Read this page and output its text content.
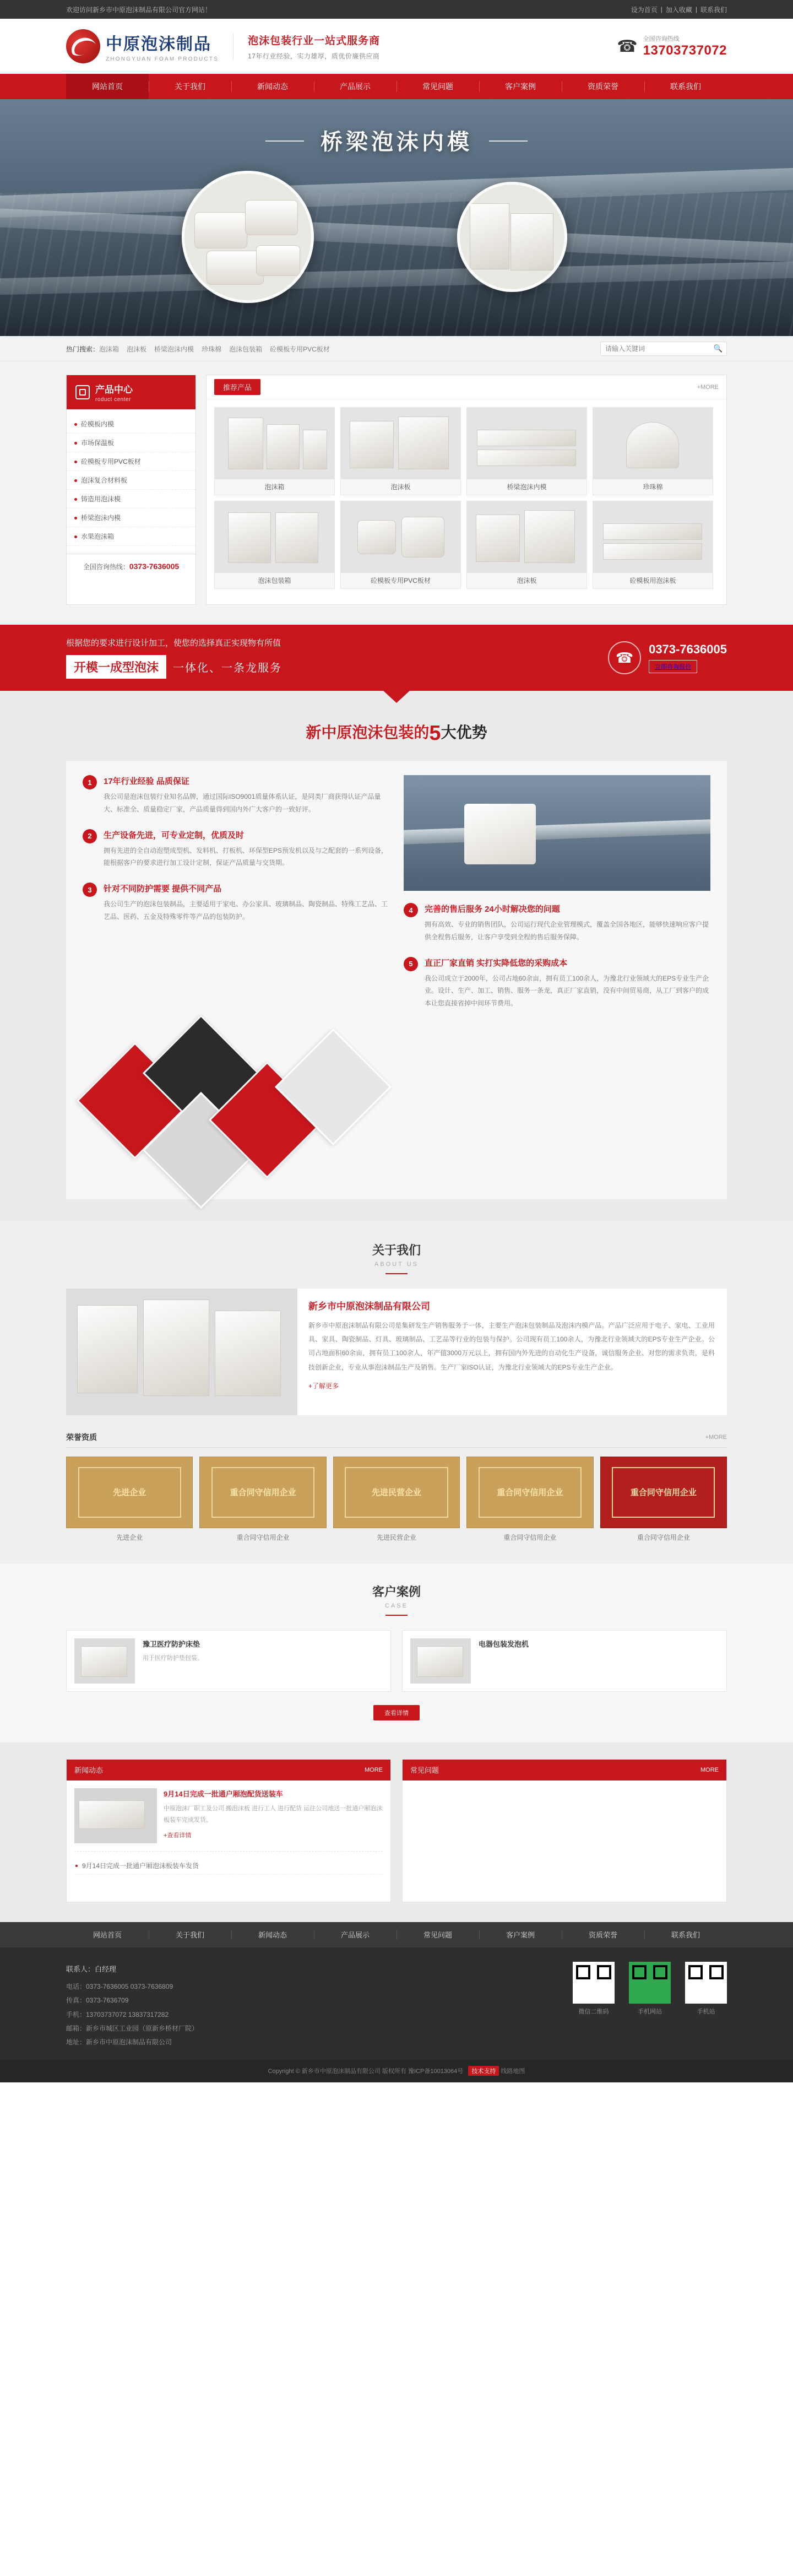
欢迎访问新乡市中原泡沫制品有限公司官方网站！	设为首页 | 加入收藏 | 联系我们
中原泡沫制品
ZHONGYUAN FOAM PRODUCTS
泡沫包装行业一站式服务商
17年行业经验，实力雄厚，质优价廉供应商
☎ 全国咨询热线
13703737072
网站首页	关于我们	新闻动态	产品展示	常见问题	客户案例	资质荣誉	联系我们
桥梁泡沫内模
热门搜索： 泡沫箱 泡沫板 桥梁泡沫内模 珍珠棉 泡沫包装箱 砼模板专用PVC板材
请输入关键词	🔍
产品中心
roduct center
砼模板内模
市场保温板
砼模板专用PVC板材
泡沫复合材料板
铸造用泡沫模
桥梁泡沫内模
水果泡沫箱
全国咨询热线：0373-7636005
推荐产品	+MORE
泡沫箱	泡沫板	桥梁泡沫内模	珍珠棉
泡沫包装箱	砼模板专用PVC板材	泡沫板	砼模板用泡沫板
根据您的要求进行设计加工，使您的选择真正实现物有所值
开模一成型泡沫	一体化、一条龙服务
☎	0373-7636005
立即咨询报价
新中原泡沫包装的5大优势
1	17年行业经验 品质保证
我公司是泡沫包装行业知名品牌，通过国际ISO9001质量体系认证，是同类厂商获得认证产品量大、标准全、质量稳定厂家，产品质量得到国内外广大客户的一致好评。
2	生产设备先进，可专业定制，优质及时
拥有先进的全自动泡塑成型机、发料机、打板机、环保型EPS预发机以及与之配套的一系列设备，能根据客户的要求进行加工设计定制，保证产品质量与交货期。
3	针对不同防护需要 提供不同产品
我公司生产的泡沫包装制品，主要适用于家电、办公家具、玻璃制品、陶瓷制品、特殊工艺品、工艺品、医药、五金及特殊零件等产品的包装防护。
4	完善的售后服务 24小时解决您的问题
拥有高效、专业的销售团队，公司运行现代企业管理模式，覆盖全国各地区，能够快速响应客户提供全程售后服务，让客户享受到全程的售后服务保障。
5	直正厂家直销 实打实降低您的采购成本
我公司成立于2000年，公司占地60余亩，拥有员工100余人，为豫北行业领域大的EPS专业生产企业。设计、生产、加工、销售、服务一条龙，真正厂家直销，没有中间贸易商，从工厂到客户的成本让您直接省掉中间环节费用。
关于我们
ABOUT US
新乡市中原泡沫制品有限公司

新乡市中原泡沫制品有限公司是集研发生产销售服务于一体，主要生产泡沫包装制品及泡沫内模产品。产品广泛应用于电子、家电、工业用具、家具、陶瓷制品、灯具、玻璃制品、工艺品等行业的包装与保护。公司现有员工100余人，为豫北行业领域大的EPS专业生产企业。公司占地面积60余亩，拥有员工100余人，年产值3000万元以上，拥有国内外先进的自动化生产设备，诚信服务企业、对您的需求负责，是科技创新企业，专业从事泡沫制品生产及销售。生产厂家ISO认证，为豫北行业领域大的EPS专业生产企业。

+了解更多
荣誉资质	+MORE
先进企业
先进企业
重合同守信用企业
重合同守信用企业
先进民营企业
先进民营企业
重合同守信用企业
重合同守信用企业
重合同守信用企业
重合同守信用企业
客户案例
CASE
豫卫医疗防护床垫

用于医疗防护垫包装。

电器包装发泡机

查看详情
新闻动态	MORE
9月14日完成一批通户厢泡配货送装车

中原泡沫厂职工及公司 搬泡沫板 进行工人 进行配货 运往公司地送一批通户厢泡沫板装车完成发货。

+查看详情
9月14日完成一批通户厢泡沫板装车发货
常见问题	MORE
网站首页	关于我们	新闻动态	产品展示	常见问题	客户案例	资质荣誉	联系我们
联系人：白经理
电话：0373-7636005 0373-7636809
传真：0373-7636709
手机：13703737072 13837317282
邮箱：新乡市城区工业园（原新乡桥材厂院）
地址：新乡市中原泡沫制品有限公司
微信二维码	手机网站	手机站
Copyright © 新乡市中原泡沫制品有限公司 版权所有 豫ICP备10013064号 技术支持 线路地图
